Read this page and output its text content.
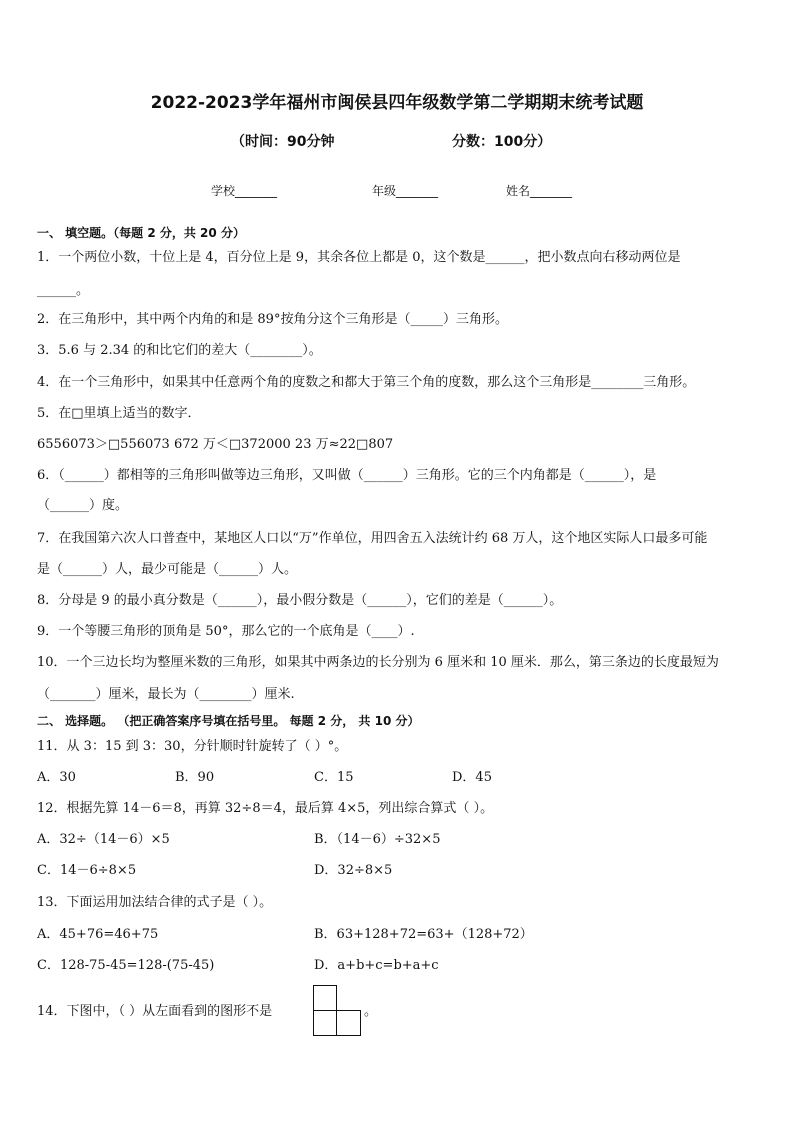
2022-2023学年福州市闽侯县四年级数学第二学期期末统考试题
（时间：90分钟	分数：100分）
学校_______	年级_______	姓名_______
一、 填空题。（每题 2 分，共 20 分）
1．一个两位小数，十位上是 4，百分位上是 9，其余各位上都是 0，这个数是______，把小数点向右移动两位是
______。
2．在三角形中，其中两个内角的和是 89°按角分这个三角形是（_____）三角形。
3．5.6 与 2.34 的和比它们的差大（________）。
4．在一个三角形中，如果其中任意两个角的度数之和都大于第三个角的度数，那么这个三角形是________三角形。
5．在□里填上适当的数字．
6556073＞□556073 672 万＜□372000 23 万≈22□807
6．（______）都相等的三角形叫做等边三角形，又叫做（______）三角形。它的三个内角都是（______），是
（______）度。
7．在我国第六次人口普查中，某地区人口以“万”作单位，用四舍五入法统计约 68 万人，这个地区实际人口最多可能
是（______）人，最少可能是（______）人。
8．分母是 9 的最小真分数是（______），最小假分数是（______），它们的差是（______）。
9．一个等腰三角形的顶角是 50°，那么它的一个底角是（____）.
10．一个三边长均为整厘米数的三角形，如果其中两条边的长分别为 6 厘米和 10 厘米．那么，第三条边的长度最短为
（_______）厘米，最长为（________）厘米.
二、 选择题。 （把正确答案序号填在括号里。 每题 2 分， 共 10 分）
11．从 3：15 到 3：30，分针顺时针旋转了（ ）°。
A．30	B．90	C．15	D．45
12．根据先算 14－6＝8，再算 32÷8＝4，最后算 4×5，列出综合算式（ ）。
A．32÷（14－6）×5	B．（14－6）÷32×5
C．14－6÷8×5	D．32÷8×5
13．下面运用加法结合律的式子是（ ）。
A．45+76=46+75	B．63+128+72=63+（128+72）
C．128-75-45=128-(75-45)	D．a+b+c=b+a+c
14．下图中，（ ）从左面看到的图形不是	。
